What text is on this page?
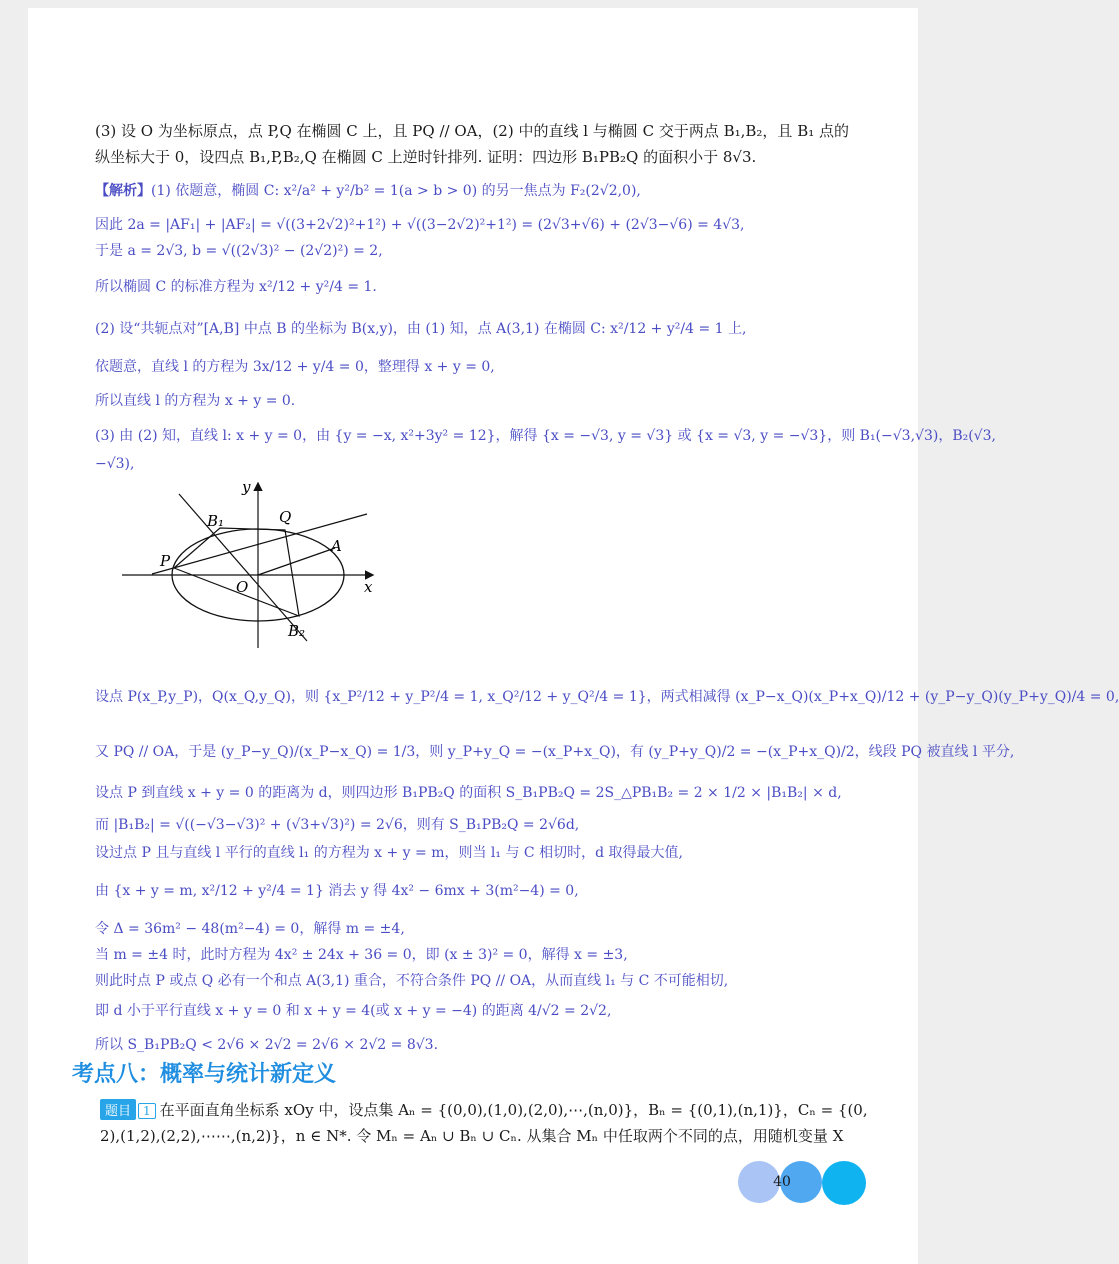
(3) 设 O 为坐标原点，点 P,Q 在椭圆 C 上，且 PQ // OA，(2) 中的直线 l 与椭圆 C 交于两点 B₁,B₂，且 B₁ 点的
纵坐标大于 0，设四点 B₁,P,B₂,Q 在椭圆 C 上逆时针排列. 证明：四边形 B₁PB₂Q 的面积小于 8√3.
【解析】(1) 依题意，椭圆 C: x²/a² + y²/b² = 1(a > b > 0) 的另一焦点为 F₂(2√2,0),
因此 2a = |AF₁| + |AF₂| = √((3+2√2)²+1²) + √((3−2√2)²+1²) = (2√3+√6) + (2√3−√6) = 4√3,
于是 a = 2√3, b = √((2√3)² − (2√2)²) = 2,
所以椭圆 C 的标准方程为 x²/12 + y²/4 = 1.
(2) 设“共轭点对”[A,B] 中点 B 的坐标为 B(x,y)，由 (1) 知，点 A(3,1) 在椭圆 C: x²/12 + y²/4 = 1 上,
依题意，直线 l 的方程为 3x/12 + y/4 = 0，整理得 x + y = 0,
所以直线 l 的方程为 x + y = 0.
(3) 由 (2) 知，直线 l: x + y = 0，由 {y = −x, x²+3y² = 12}，解得 {x = −√3, y = √3} 或 {x = √3, y = −√3}，则 B₁(−√3,√3)，B₂(√3,
−√3),
y
x
O
B₁
B₂
P
Q
A
设点 P(x_P,y_P)，Q(x_Q,y_Q)，则 {x_P²/12 + y_P²/4 = 1, x_Q²/12 + y_Q²/4 = 1}，两式相减得 (x_P−x_Q)(x_P+x_Q)/12 + (y_P−y_Q)(y_P+y_Q)/4 = 0,
又 PQ // OA，于是 (y_P−y_Q)/(x_P−x_Q) = 1/3，则 y_P+y_Q = −(x_P+x_Q)，有 (y_P+y_Q)/2 = −(x_P+x_Q)/2，线段 PQ 被直线 l 平分,
设点 P 到直线 x + y = 0 的距离为 d，则四边形 B₁PB₂Q 的面积 S_B₁PB₂Q = 2S_△PB₁B₂ = 2 × 1/2 × |B₁B₂| × d,
而 |B₁B₂| = √((−√3−√3)² + (√3+√3)²) = 2√6，则有 S_B₁PB₂Q = 2√6d,
设过点 P 且与直线 l 平行的直线 l₁ 的方程为 x + y = m，则当 l₁ 与 C 相切时，d 取得最大值,
由 {x + y = m, x²/12 + y²/4 = 1} 消去 y 得 4x² − 6mx + 3(m²−4) = 0,
令 Δ = 36m² − 48(m²−4) = 0，解得 m = ±4,
当 m = ±4 时，此时方程为 4x² ± 24x + 36 = 0，即 (x ± 3)² = 0，解得 x = ±3,
则此时点 P 或点 Q 必有一个和点 A(3,1) 重合，不符合条件 PQ // OA，从而直线 l₁ 与 C 不可能相切,
即 d 小于平行直线 x + y = 0 和 x + y = 4(或 x + y = −4) 的距离 4/√2 = 2√2,
所以 S_B₁PB₂Q < 2√6 × 2√2 = 2√6 × 2√2 = 8√3.
考点八：概率与统计新定义
题目 1 在平面直角坐标系 xOy 中，设点集 Aₙ = {(0,0),(1,0),(2,0),⋯,(n,0)}，Bₙ = {(0,1),(n,1)}，Cₙ = {(0,
2),(1,2),(2,2),⋯⋯,(n,2)}，n ∈ N*. 令 Mₙ = Aₙ ∪ Bₙ ∪ Cₙ. 从集合 Mₙ 中任取两个不同的点，用随机变量 X
40
